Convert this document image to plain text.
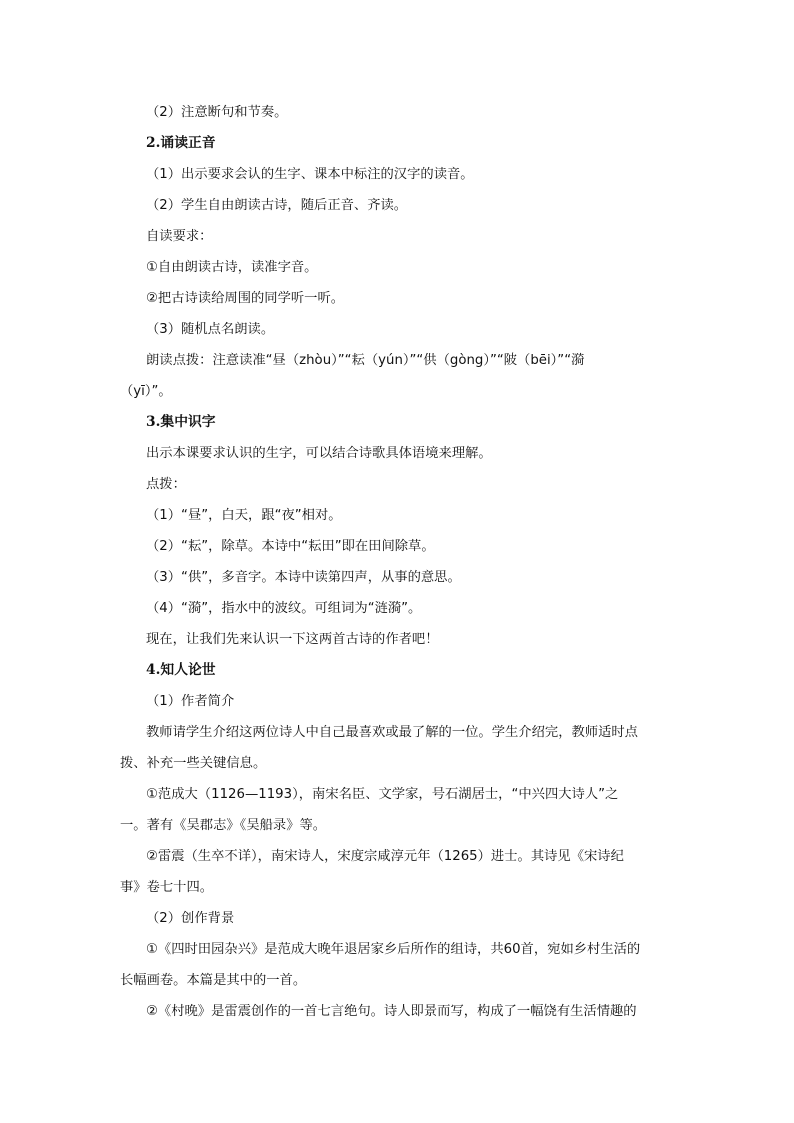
（2）注意断句和节奏。
2.诵读正音
（1）出示要求会认的生字、课本中标注的汉字的读音。
（2）学生自由朗读古诗，随后正音、齐读。
自读要求：
①自由朗读古诗，读准字音。
②把古诗读给周围的同学听一听。
（3）随机点名朗读。
朗读点拨：注意读准“昼（zhòu）”“耘（yún）”“供（gòng）”“陂（bēi）”“漪
（yī）”。
3.集中识字
出示本课要求认识的生字，可以结合诗歌具体语境来理解。
点拨：
（1）“昼”，白天，跟“夜”相对。
（2）“耘”，除草。本诗中“耘田”即在田间除草。
（3）“供”，多音字。本诗中读第四声，从事的意思。
（4）“漪”，指水中的波纹。可组词为“涟漪”。
现在，让我们先来认识一下这两首古诗的作者吧！
4.知人论世
（1）作者简介
教师请学生介绍这两位诗人中自己最喜欢或最了解的一位。学生介绍完，教师适时点
拨、补充一些关键信息。
①范成大（1126—1193），南宋名臣、文学家，号石湖居士，“中兴四大诗人”之
一。著有《吴郡志》《吴船录》等。
②雷震（生卒不详），南宋诗人，宋度宗咸淳元年（1265）进士。其诗见《宋诗纪
事》卷七十四。
（2）创作背景
①《四时田园杂兴》是范成大晚年退居家乡后所作的组诗，共60首，宛如乡村生活的
长幅画卷。本篇是其中的一首。
②《村晚》是雷震创作的一首七言绝句。诗人即景而写，构成了一幅饶有生活情趣的
